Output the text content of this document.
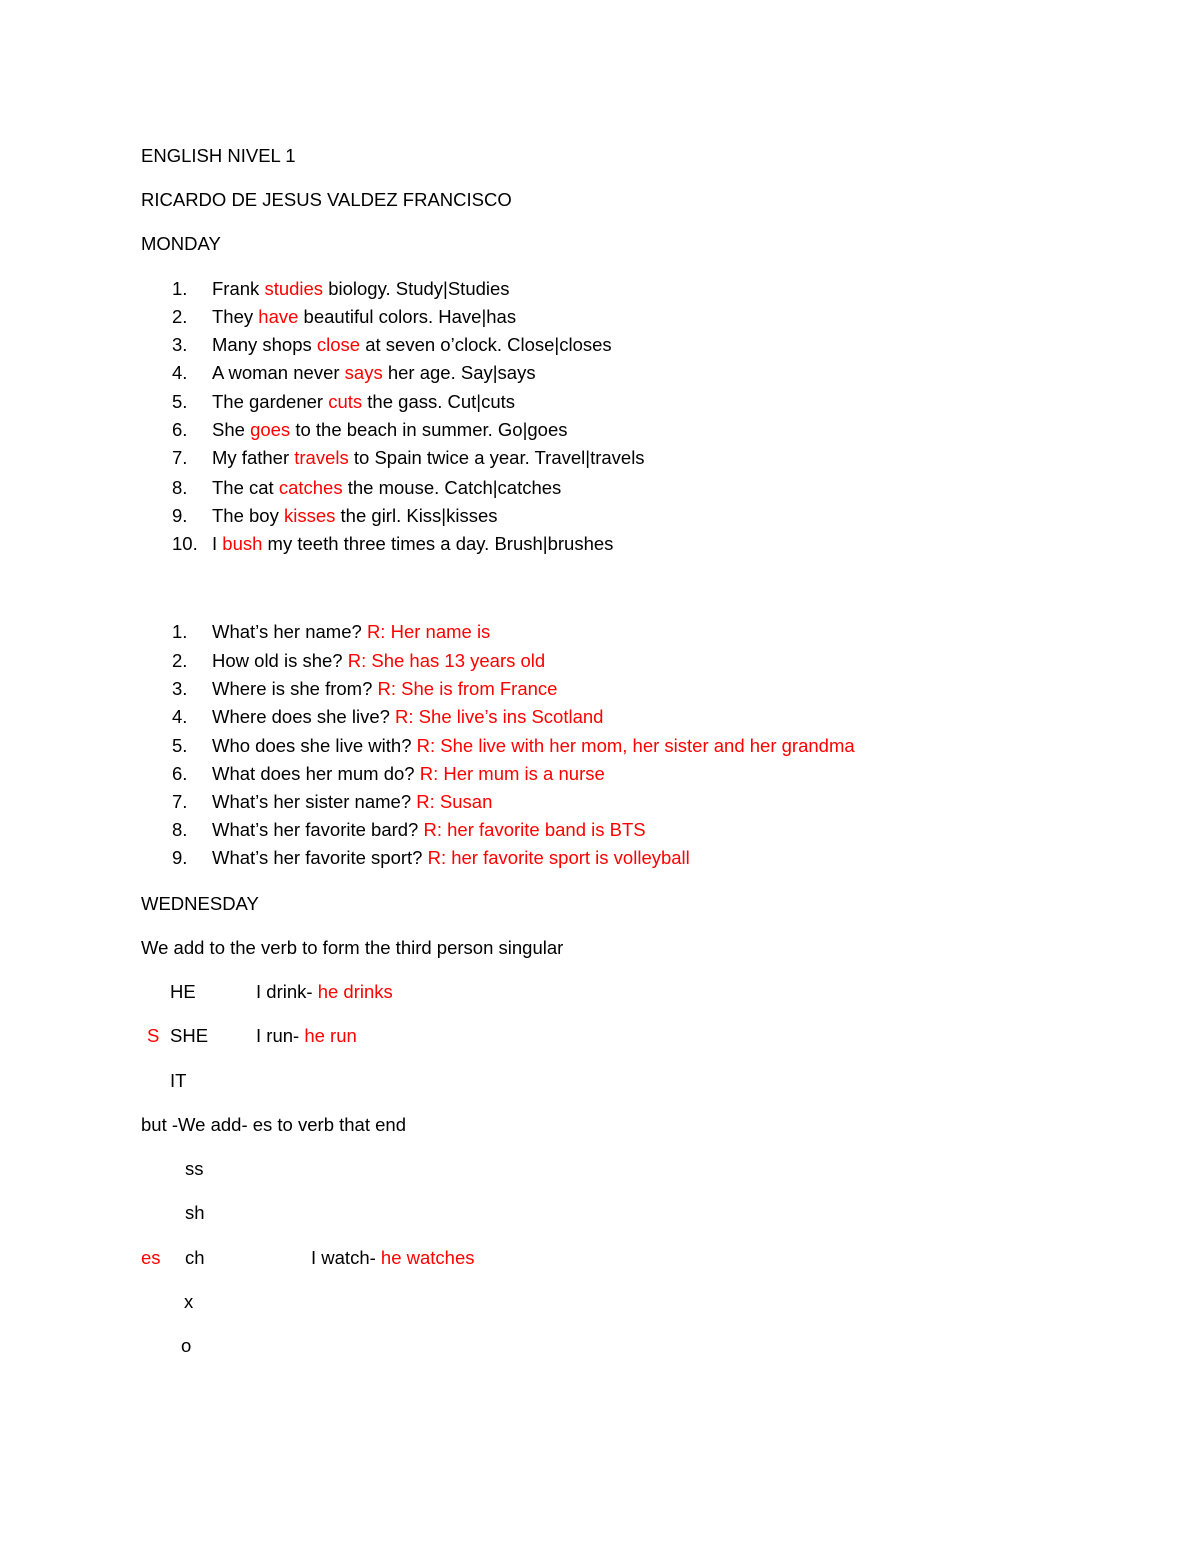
ENGLISH NIVEL 1
RICARDO DE JESUS VALDEZ FRANCISCO
MONDAY
1.	Frank studies biology. Study|Studies
2.	They have beautiful colors. Have|has
3.	Many shops close at seven o’clock. Close|closes
4.	A woman never says her age. Say|says
5.	The gardener cuts the gass. Cut|cuts
6.	She goes to the beach in summer. Go|goes
7.	My father travels to Spain twice a year. Travel|travels
8.	The cat catches the mouse. Catch|catches
9.	The boy kisses the girl. Kiss|kisses
10. I bush my teeth three times a day. Brush|brushes
1.	What’s her name? R: Her name is
2.	How old is she? R: She has 13 years old
3.	Where is she from? R: She is from France
4.	Where does she live? R: She live’s ins Scotland
5.	Who does she live with? R: She live with her mom, her sister and her grandma
6.	What does her mum do? R: Her mum is a nurse
7.	What’s her sister name? R: Susan
8.	What’s her favorite bard? R: her favorite band is BTS
9.	What’s her favorite sport? R: her favorite sport is volleyball
WEDNESDAY
We add to the verb to form the third person singular
HE	I drink- he drinks
S SHE	I run- he run
IT
but -We add- es to verb that end
ss
sh
es ch	I watch- he watches
x
o
